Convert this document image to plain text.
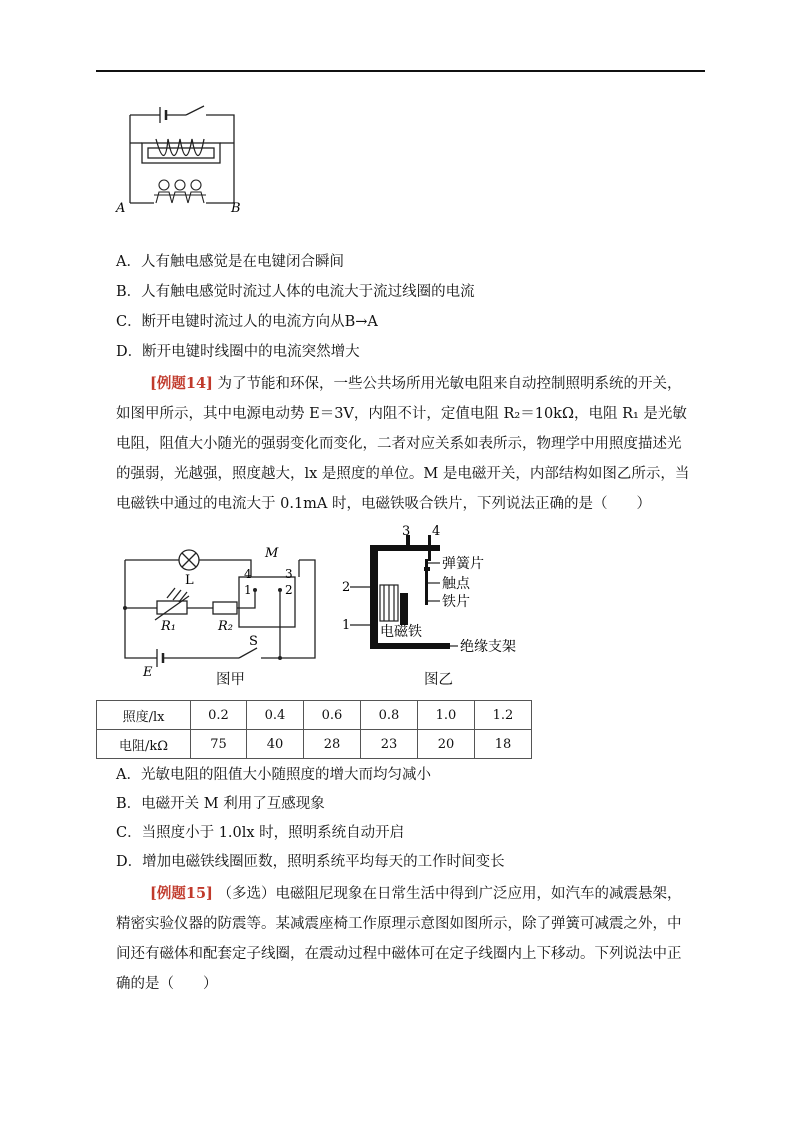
A	B
A．人有触电感觉是在电键闭合瞬间
B．人有触电感觉时流过人体的电流大于流过线圈的电流
C．断开电键时流过人的电流方向从B→A
D．断开电键时线圈中的电流突然增大
[例题14] 为了节能和环保，一些公共场所用光敏电阻来自动控制照明系统的开关，如图甲所示，其中电源电动势 E＝3V，内阻不计，定值电阻 R₂＝10kΩ，电阻 R₁ 是光敏电阻，阻值大小随光的强弱变化而变化，二者对应关系如表所示，物理学中用照度描述光的强弱，光越强，照度越大，lx 是照度的单位。M 是电磁开关，内部结构如图乙所示，当电磁铁中通过的电流大于 0.1mA 时，电磁铁吸合铁片，下列说法正确的是（　　）
L
M
4	3
1	2
R₁	R₂
E
S
图甲
3 4
2
1
弹簧片
触点
铁片
电磁铁
绝缘支架
图乙
照度/lx	0.2	0.4	0.6	0.8	1.0	1.2
电阻/kΩ	75	40	28	23	20	18
A．光敏电阻的阻值大小随照度的增大而均匀减小
B．电磁开关 M 利用了互感现象
C．当照度小于 1.0lx 时，照明系统自动开启
D．增加电磁铁线圈匝数，照明系统平均每天的工作时间变长
[例题15] （多选）电磁阻尼现象在日常生活中得到广泛应用，如汽车的减震悬架，精密实验仪器的防震等。某减震座椅工作原理示意图如图所示，除了弹簧可减震之外，中间还有磁体和配套定子线圈，在震动过程中磁体可在定子线圈内上下移动。下列说法中正确的是（　　）
